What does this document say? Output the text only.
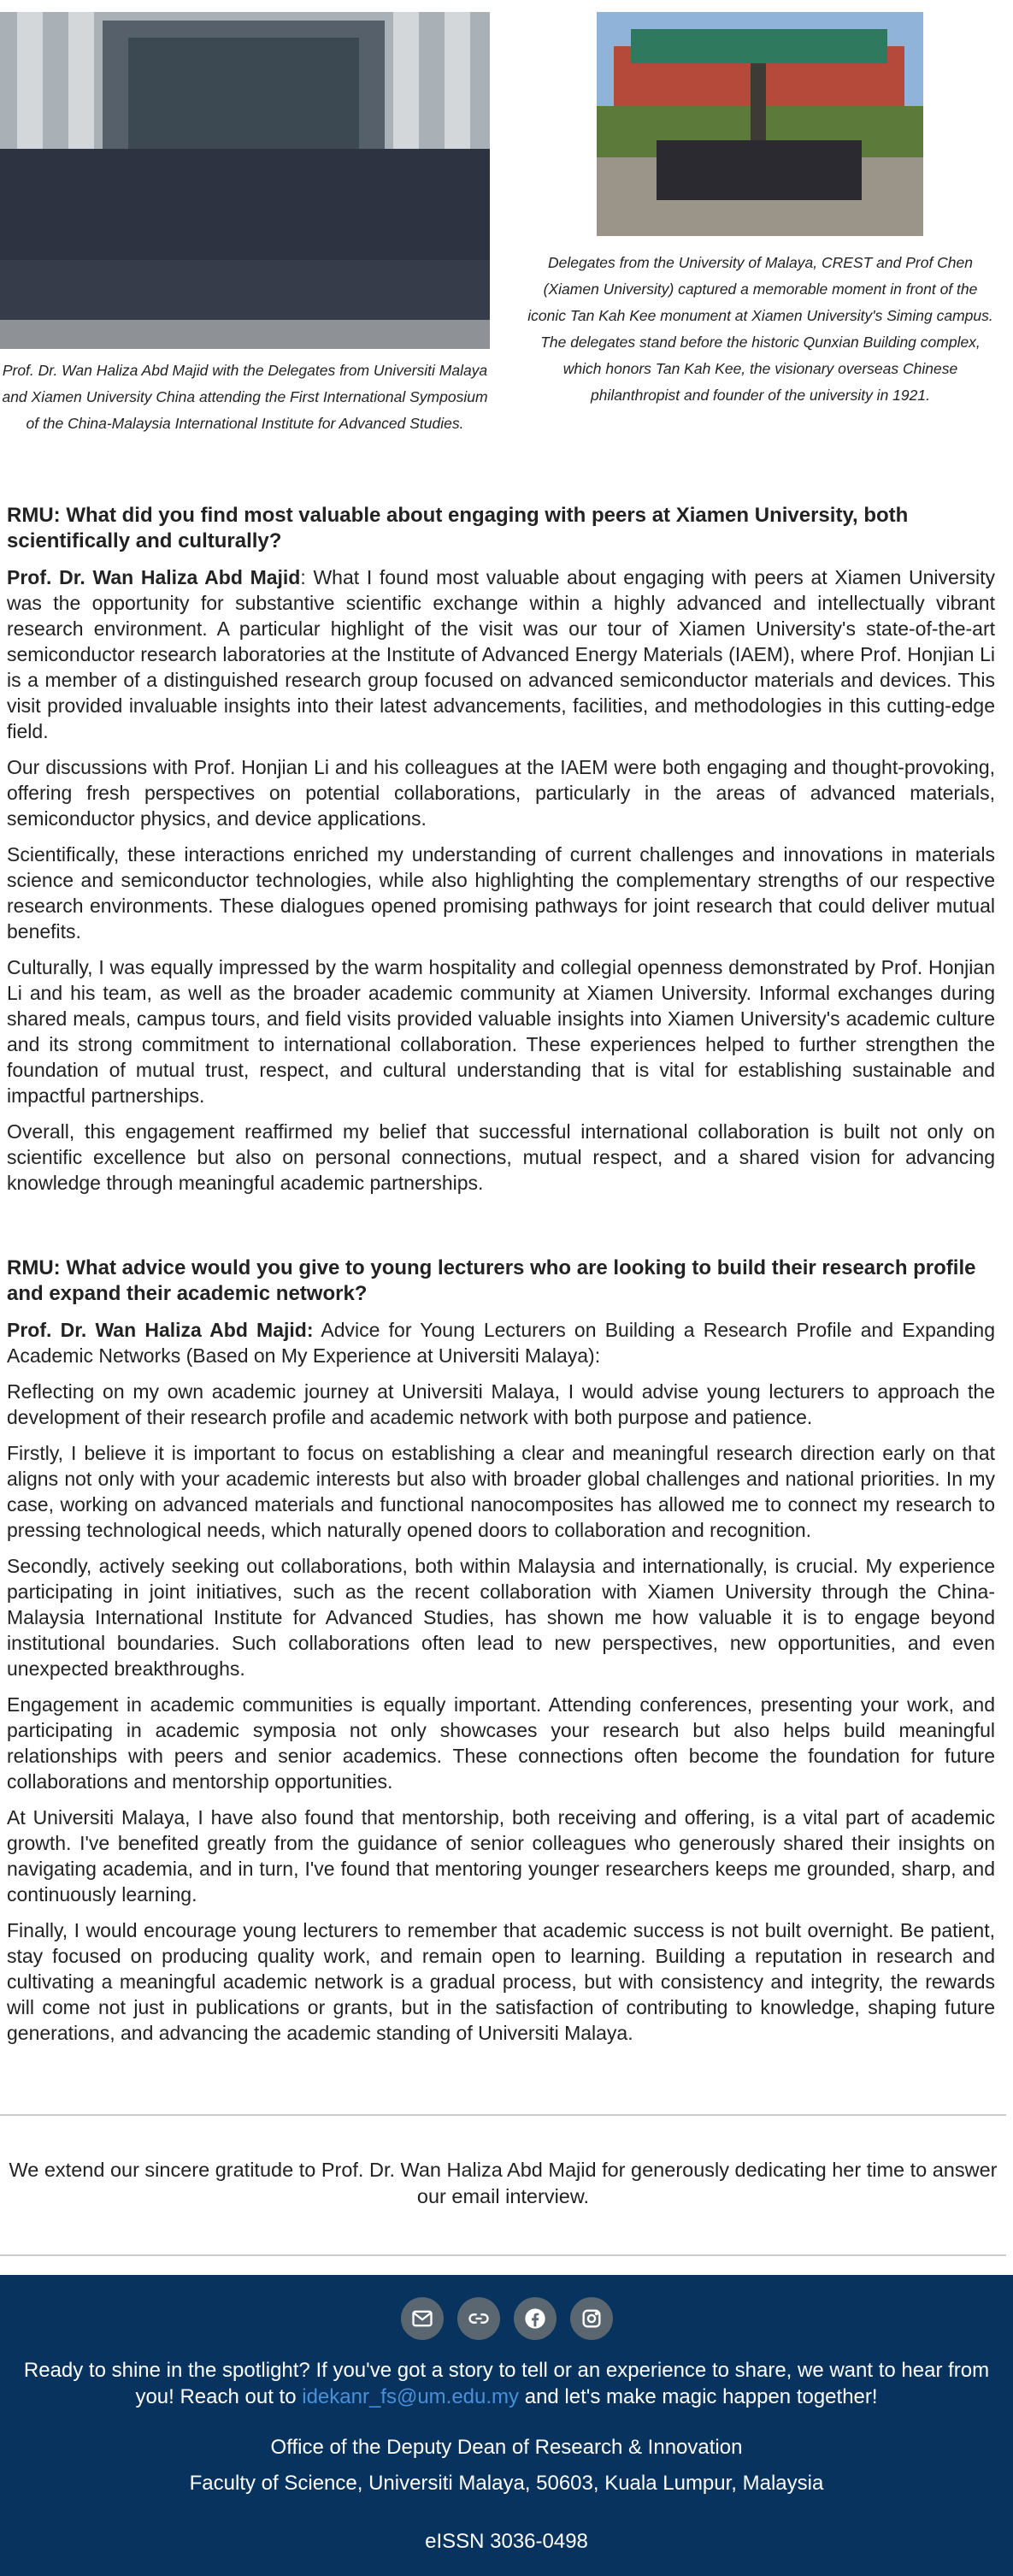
Prof. Dr. Wan Haliza Abd Majid with the Delegates from Universiti Malaya and Xiamen University China attending the First International Symposium of the China-Malaysia International Institute for Advanced Studies.
Delegates from the University of Malaya, CREST and Prof Chen (Xiamen University) captured a memorable moment in front of the iconic Tan Kah Kee monument at Xiamen University's Siming campus. The delegates stand before the historic Qunxian Building complex, which honors Tan Kah Kee, the visionary overseas Chinese philanthropist and founder of the university in 1921.
RMU: What did you find most valuable about engaging with peers at Xiamen University, both scientifically and culturally?

Prof. Dr. Wan Haliza Abd Majid: What I found most valuable about engaging with peers at Xiamen University was the opportunity for substantive scientific exchange within a highly advanced and intellectually vibrant research environment. A particular highlight of the visit was our tour of Xiamen University's state-of-the-art semiconductor research laboratories at the Institute of Advanced Energy Materials (IAEM), where Prof. Honjian Li is a member of a distinguished research group focused on advanced semiconductor materials and devices. This visit provided invaluable insights into their latest advancements, facilities, and methodologies in this cutting-edge field.

Our discussions with Prof. Honjian Li and his colleagues at the IAEM were both engaging and thought-provoking, offering fresh perspectives on potential collaborations, particularly in the areas of advanced materials, semiconductor physics, and device applications.

Scientifically, these interactions enriched my understanding of current challenges and innovations in materials science and semiconductor technologies, while also highlighting the complementary strengths of our respective research environments. These dialogues opened promising pathways for joint research that could deliver mutual benefits.

Culturally, I was equally impressed by the warm hospitality and collegial openness demonstrated by Prof. Honjian Li and his team, as well as the broader academic community at Xiamen University. Informal exchanges during shared meals, campus tours, and field visits provided valuable insights into Xiamen University's academic culture and its strong commitment to international collaboration. These experiences helped to further strengthen the foundation of mutual trust, respect, and cultural understanding that is vital for establishing sustainable and impactful partnerships.

Overall, this engagement reaffirmed my belief that successful international collaboration is built not only on scientific excellence but also on personal connections, mutual respect, and a shared vision for advancing knowledge through meaningful academic partnerships.

RMU: What advice would you give to young lecturers who are looking to build their research profile and expand their academic network?

Prof. Dr. Wan Haliza Abd Majid: Advice for Young Lecturers on Building a Research Profile and Expanding Academic Networks (Based on My Experience at Universiti Malaya):

Reflecting on my own academic journey at Universiti Malaya, I would advise young lecturers to approach the development of their research profile and academic network with both purpose and patience.

Firstly, I believe it is important to focus on establishing a clear and meaningful research direction early on that aligns not only with your academic interests but also with broader global challenges and national priorities. In my case, working on advanced materials and functional nanocomposites has allowed me to connect my research to pressing technological needs, which naturally opened doors to collaboration and recognition.

Secondly, actively seeking out collaborations, both within Malaysia and internationally, is crucial. My experience participating in joint initiatives, such as the recent collaboration with Xiamen University through the China-Malaysia International Institute for Advanced Studies, has shown me how valuable it is to engage beyond institutional boundaries. Such collaborations often lead to new perspectives, new opportunities, and even unexpected breakthroughs.

Engagement in academic communities is equally important. Attending conferences, presenting your work, and participating in academic symposia not only showcases your research but also helps build meaningful relationships with peers and senior academics. These connections often become the foundation for future collaborations and mentorship opportunities.

At Universiti Malaya, I have also found that mentorship, both receiving and offering, is a vital part of academic growth. I've benefited greatly from the guidance of senior colleagues who generously shared their insights on navigating academia, and in turn, I've found that mentoring younger researchers keeps me grounded, sharp, and continuously learning.

Finally, I would encourage young lecturers to remember that academic success is not built overnight. Be patient, stay focused on producing quality work, and remain open to learning. Building a reputation in research and cultivating a meaningful academic network is a gradual process, but with consistency and integrity, the rewards will come not just in publications or grants, but in the satisfaction of contributing to knowledge, shaping future generations, and advancing the academic standing of Universiti Malaya.

We extend our sincere gratitude to Prof. Dr. Wan Haliza Abd Majid for generously dedicating her time to answer our email interview.
Ready to shine in the spotlight? If you've got a story to tell or an experience to share, we want to hear from you! Reach out to idekanr_fs@um.edu.my and let's make magic happen together!
Office of the Deputy Dean of Research & Innovation
Faculty of Science, Universiti Malaya, 50603, Kuala Lumpur, Malaysia
eISSN 3036-0498
